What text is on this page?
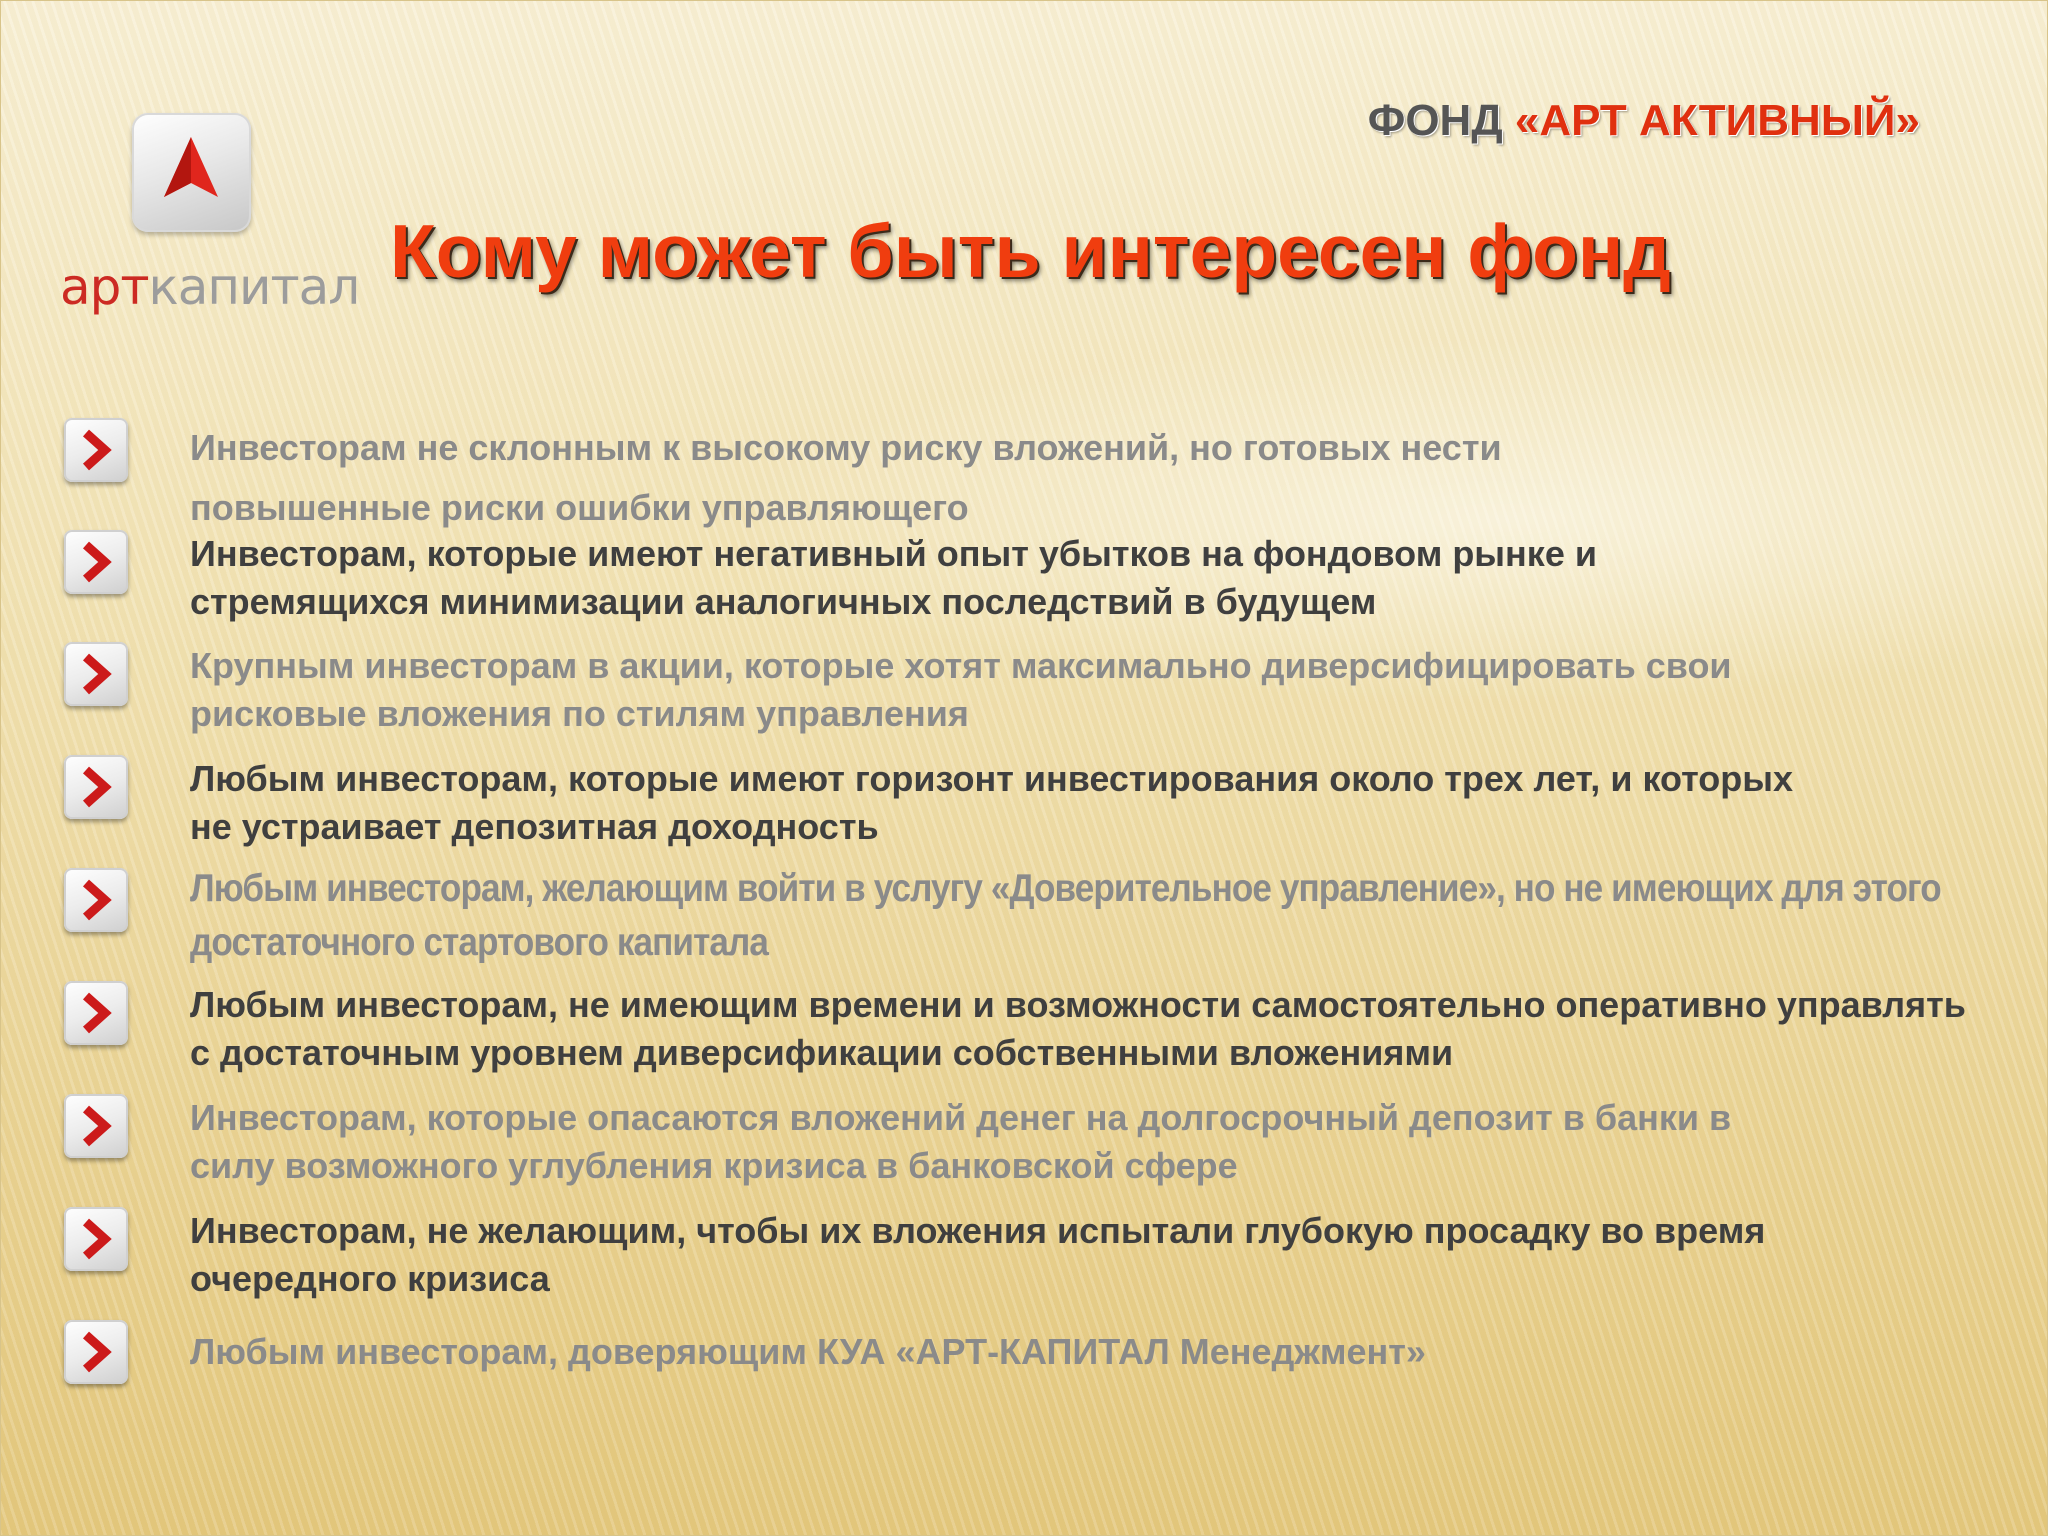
арткапитал
ФОНД «АРТ АКТИВНЫЙ»
Кому может быть интересен фонд
Инвесторам не склонным к высокому риску вложений, но готовых нести повышенные риски ошибки управляющего
Инвесторам, которые имеют негативный опыт убытков на фондовом рынке и стремящихся минимизации аналогичных последствий в будущем
Крупным инвесторам в акции, которые хотят максимально диверсифицировать свои рисковые вложения по стилям управления
Любым инвесторам, которые имеют горизонт инвестирования около трех лет, и которых не устраивает депозитная доходность
Любым инвесторам, желающим войти в услугу «Доверительное управление», но не имеющих для этого достаточного стартового капитала
Любым инвесторам, не имеющим времени и возможности самостоятельно оперативно управлять с достаточным уровнем диверсификации собственными вложениями
Инвесторам, которые опасаются вложений денег на долгосрочный депозит в банки в силу возможного углубления кризиса в банковской сфере
Инвесторам, не желающим, чтобы их вложения испытали глубокую просадку во время очередного кризиса
Любым инвесторам, доверяющим КУА «АРТ-КАПИТАЛ Менеджмент»
